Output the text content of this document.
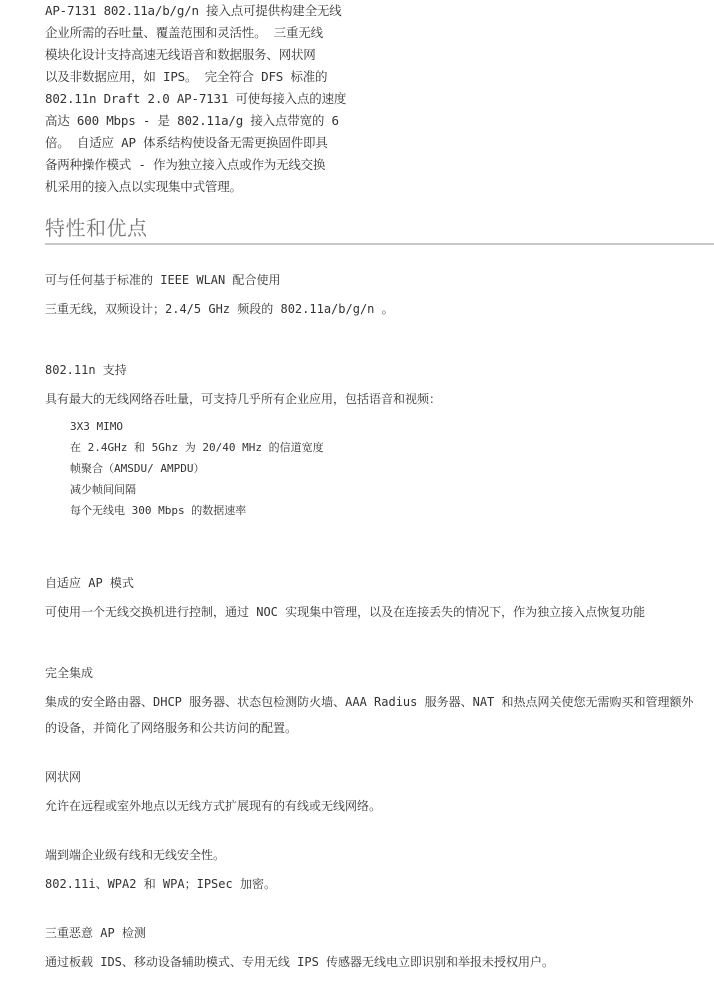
AP-7131 802.11a/b/g/n 接入点可提供构建全无线
企业所需的吞吐量、覆盖范围和灵活性。 三重无线
模块化设计支持高速无线语音和数据服务、网状网
以及非数据应用，如 IPS。 完全符合 DFS 标准的
802.11n Draft 2.0 AP-7131 可使每接入点的速度
高达 600 Mbps - 是 802.11a/g 接入点带宽的 6
倍。 自适应 AP 体系结构使设备无需更换固件即具
备两种操作模式 - 作为独立接入点或作为无线交换
机采用的接入点以实现集中式管理。
特性和优点
可与任何基于标准的 IEEE WLAN 配合使用
三重无线，双频设计；2.4/5 GHz 频段的 802.11a/b/g/n 。
802.11n 支持
具有最大的无线网络吞吐量，可支持几乎所有企业应用，包括语音和视频：
3X3 MIMO
在 2.4GHz 和 5Ghz 为 20/40 MHz 的信道宽度
帧聚合（AMSDU/ AMPDU）
减少帧间间隔
每个无线电 300 Mbps 的数据速率
自适应 AP 模式
可使用一个无线交换机进行控制，通过 NOC 实现集中管理，以及在连接丢失的情况下，作为独立接入点恢复功能
完全集成
集成的安全路由器、DHCP 服务器、状态包检测防火墙、AAA Radius 服务器、NAT 和热点网关使您无需购买和管理额外的设备，并简化了网络服务和公共访问的配置。
网状网
允许在远程或室外地点以无线方式扩展现有的有线或无线网络。
端到端企业级有线和无线安全性。
802.11i、WPA2 和 WPA；IPSec 加密。
三重恶意 AP 检测
通过板载 IDS、移动设备辅助模式、专用无线 IPS 传感器无线电立即识别和举报未授权用户。
